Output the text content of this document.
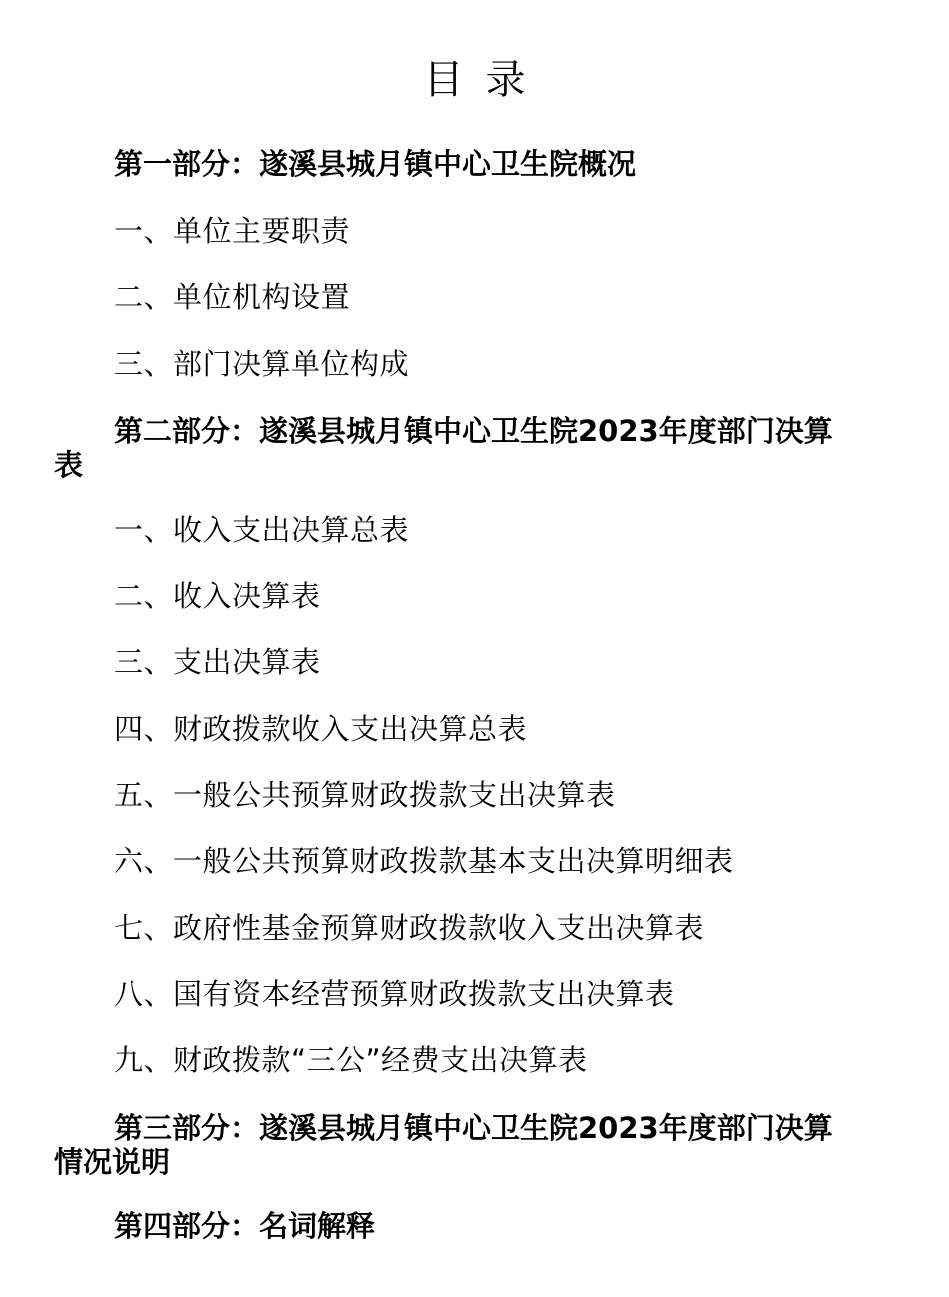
目 录
第一部分：遂溪县城月镇中心卫生院概况
一、单位主要职责
二、单位机构设置
三、部门决算单位构成
第二部分：遂溪县城月镇中心卫生院2023年度部门决算表
一、收入支出决算总表
二、收入决算表
三、支出决算表
四、财政拨款收入支出决算总表
五、一般公共预算财政拨款支出决算表
六、一般公共预算财政拨款基本支出决算明细表
七、政府性基金预算财政拨款收入支出决算表
八、国有资本经营预算财政拨款支出决算表
九、财政拨款“三公”经费支出决算表
第三部分：遂溪县城月镇中心卫生院2023年度部门决算情况说明
第四部分：名词解释
